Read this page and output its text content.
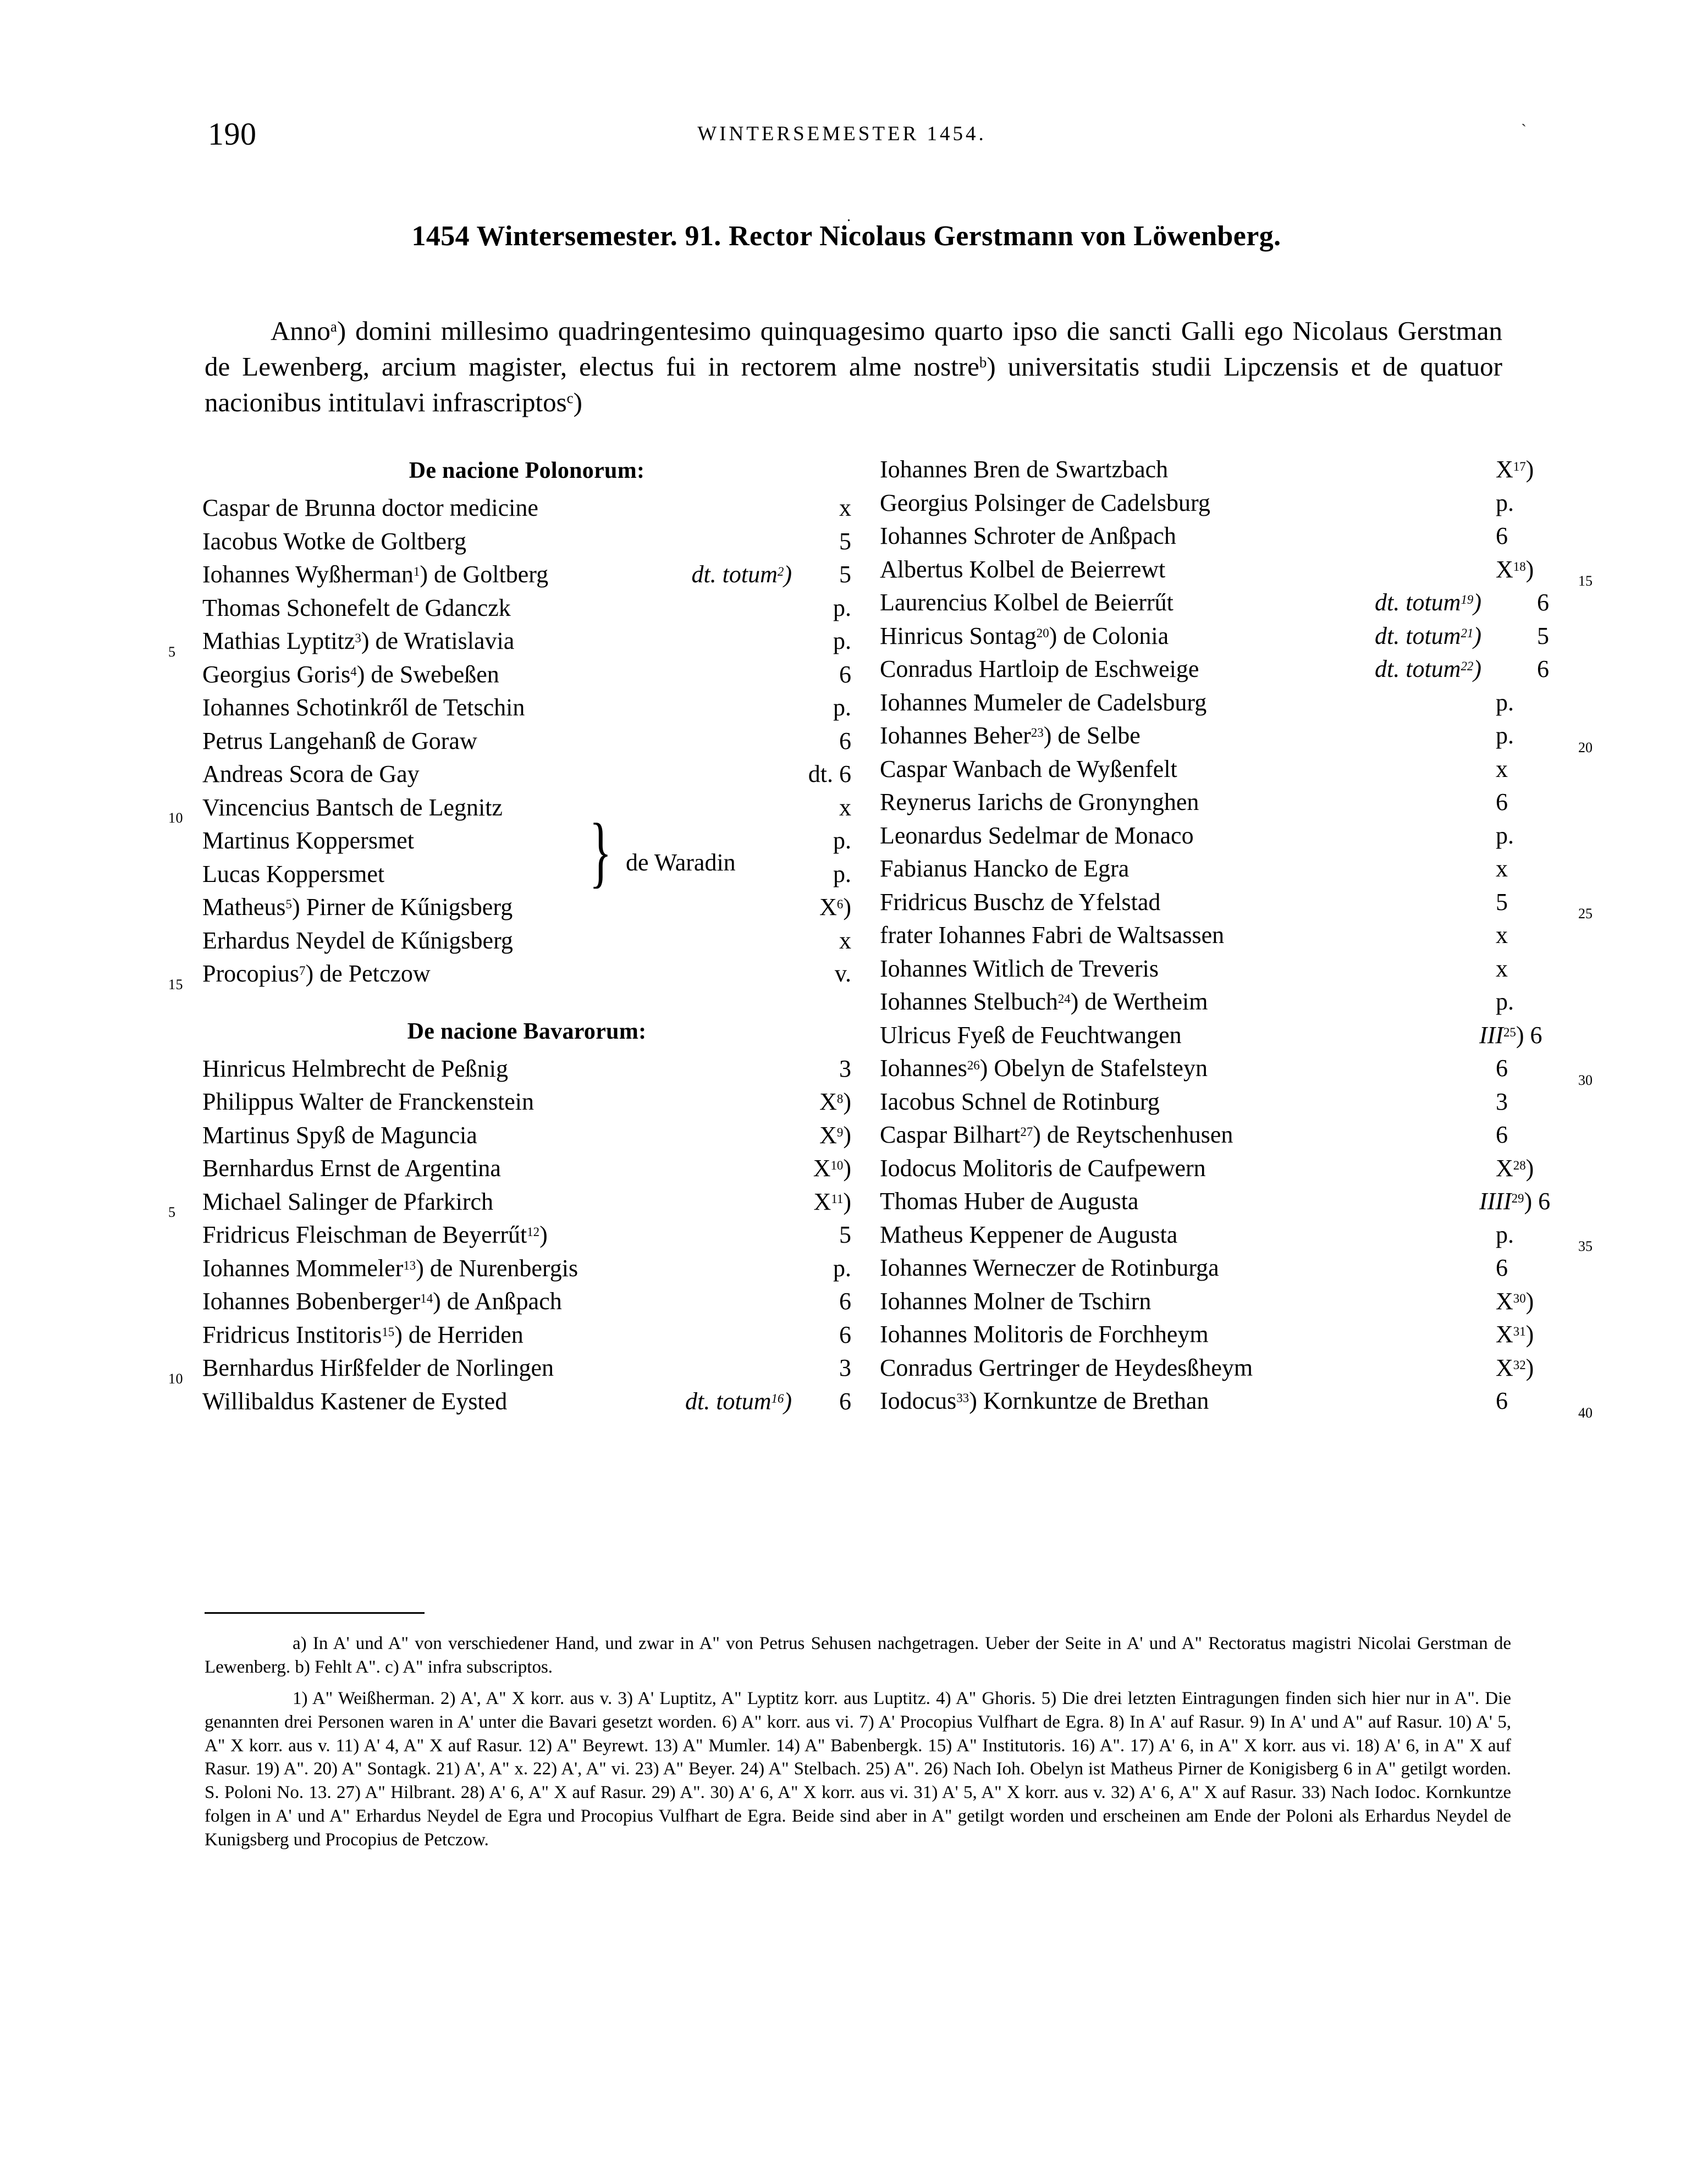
190	WINTERSEMESTER 1454.	`
.
1454 Wintersemester. 91. Rector Nicolaus Gerstmann von Löwenberg.

Anno$^a$) domini millesimo quadringentesimo quinquagesimo quarto ipso die sancti Galli ego Nicolaus Gerstman de Lewenberg, arcium magister, electus fui in rectorem alme nostre$^b$) universitatis studii Lipczensis et de quatuor nacionibus intitulavi infrascriptos$^c$)

De nacione Polonorum:
Caspar de Brunna doctor medicine	x
Iacobus Wotke de Goltberg	5
Iohannes Wyßherman$^1$) de Goltberg	dt. totum$^2$) 5
Thomas Schonefelt de Gdanczk	p.
5 Mathias Lyptitz$^3$) de Wratislavia	p.
Georgius Goris$^4$) de Swebeßen	6
Iohannes Schotinkről de Tetschin	p.
Petrus Langehanß de Goraw	6
Andreas Scora de Gay	dt. 6
10 Vincencius Bantsch de Legnitz	x
Martinus Koppersmet	p.
Lucas Koppersmet	p.
} de Waradin
Matheus$^5$) Pirner de Kűnigsberg	$X^6$)
Erhardus Neydel de Kűnigsberg	x
15 Procopius$^7$) de Petczow	v.
De nacione Bavarorum:
Hinricus Helmbrecht de Peßnig	3
Philippus Walter de Franckenstein	$X^8$)
Martinus Spyß de Maguncia	$X^9$)
Bernhardus Ernst de Argentina	$X^{10}$)
5 Michael Salinger de Pfarkirch	$X^{11}$)
Fridricus Fleischman de Beyerrűt$^{12}$)	5
Iohannes Mommeler$^{13}$) de Nurenbergis	p.
Iohannes Bobenberger$^{14}$) de Anßpach	6
Fridricus Institoris$^{15}$) de Herriden	6
10 Bernhardus Hirßfelder de Norlingen	3
Willibaldus Kastener de Eysted	dt. totum$^{16}$) 6
Iohannes Bren de Swartzbach	$X^{17}$)
Georgius Polsinger de Cadelsburg	p.
Iohannes Schroter de Anßpach	6
Albertus Kolbel de Beierrewt	$X^{18}$)	15
Laurencius Kolbel de Beierrűt	dt. totum$^{19}$) 6
Hinricus Sontag$^{20}$) de Colonia	dt. totum$^{21}$) 5
Conradus Hartloip de Eschweige	dt. totum$^{22}$) 6
Iohannes Mumeler de Cadelsburg	p.
Iohannes Beher$^{23}$) de Selbe	p.	20
Caspar Wanbach de Wyßenfelt	x
Reynerus Iarichs de Gronynghen	6
Leonardus Sedelmar de Monaco	p.
Fabianus Hancko de Egra	x
Fridricus Buschz de Yfelstad	5	25
frater Iohannes Fabri de Waltsassen	x
Iohannes Witlich de Treveris	x
Iohannes Stelbuch$^{24}$) de Wertheim	p.
Ulricus Fyeß de Feuchtwangen	III$^{25}$) 6
Iohannes$^{26}$) Obelyn de Stafelsteyn	6	30
Iacobus Schnel de Rotinburg	3
Caspar Bilhart$^{27}$) de Reytschenhusen	6
Iodocus Molitoris de Caufpewern	$X^{28}$)
Thomas Huber de Augusta	IIII$^{29}$) 6
Matheus Keppener de Augusta	p.	35
Iohannes Werneczer de Rotinburga	6
Iohannes Molner de Tschirn	$X^{30}$)
Iohannes Molitoris de Forchheym	$X^{31}$)
Conradus Gertringer de Heydesßheym	$X^{32}$)
Iodocus$^{33}$) Kornkuntze de Brethan	6	40
a) In A' und A" von verschiedener Hand, und zwar in A" von Petrus Sehusen nachgetragen. Ueber der Seite in A' und A" Rectoratus magistri Nicolai Gerstman de Lewenberg. b) Fehlt A". c) A" infra subscriptos.
1) A" Weißherman. 2) A', A" X korr. aus v. 3) A' Luptitz, A" Lyptitz korr. aus Luptitz. 4) A" Ghoris. 5) Die drei letzten Eintragungen finden sich hier nur in A". Die genannten drei Personen waren in A' unter die Bavari gesetzt worden. 6) A" korr. aus vi. 7) A' Procopius Vulfhart de Egra. 8) In A' auf Rasur. 9) In A' und A" auf Rasur. 10) A' 5, A" X korr. aus v. 11) A' 4, A" X auf Rasur. 12) A" Beyrewt. 13) A" Mumler. 14) A" Babenbergk. 15) A" Institutoris. 16) A". 17) A' 6, in A" X korr. aus vi. 18) A' 6, in A" X auf Rasur. 19) A". 20) A" Sontagk. 21) A', A" x. 22) A', A" vi. 23) A" Beyer. 24) A" Stelbach. 25) A". 26) Nach Ioh. Obelyn ist Matheus Pirner de Konigisberg 6 in A" getilgt worden. S. Poloni No. 13. 27) A" Hilbrant. 28) A' 6, A" X auf Rasur. 29) A". 30) A' 6, A" X korr. aus vi. 31) A' 5, A" X korr. aus v. 32) A' 6, A" X auf Rasur. 33) Nach Iodoc. Kornkuntze folgen in A' und A" Erhardus Neydel de Egra und Procopius Vulfhart de Egra. Beide sind aber in A" getilgt worden und erscheinen am Ende der Poloni als Erhardus Neydel de Kunigsberg und Procopius de Petczow.
